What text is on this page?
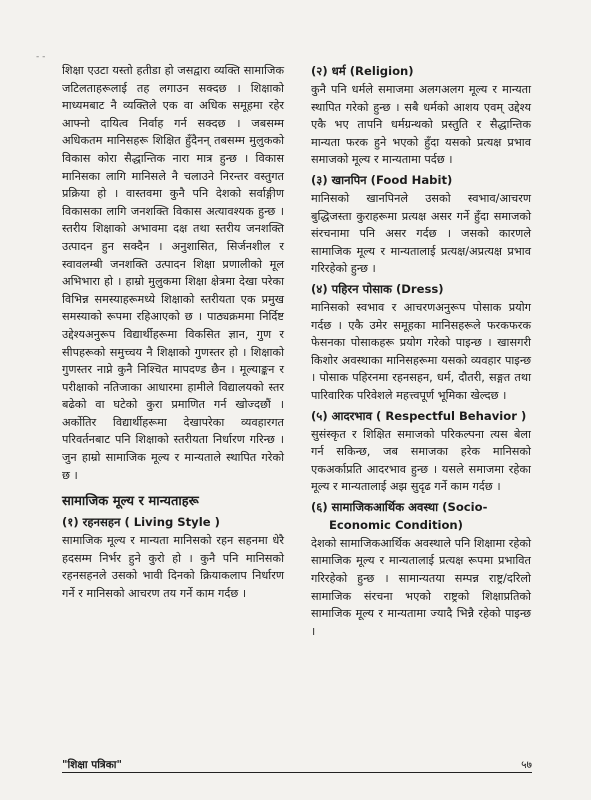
- -

शिक्षा एउटा यस्तो हतीडा हो जसद्वारा व्यक्ति सामाजिक जटिलताहरूलाई तह लगाउन सक्दछ । शिक्षाको माध्यमबाट नै व्यक्तिले एक वा अधिक समूहमा रहेर आफ्नो दायित्व निर्वाह गर्न सक्दछ । जबसम्म अधिकतम मानिसहरू शिक्षित हुँदैनन् तबसम्म मुलुकको विकास कोरा सैद्धान्तिक नारा मात्र हुन्छ । विकास मानिसका लागि मानिसले नै चलाउने निरन्तर वस्तुगत प्रक्रिया हो । वास्तवमा कुनै पनि देशको सर्वाङ्गीण विकासका लागि जनशक्ति विकास अत्यावश्यक हुन्छ । स्तरीय शिक्षाको अभावमा दक्ष तथा स्तरीय जनशक्ति उत्पादन हुन सक्दैन । अनुशासित, सिर्जनशील र स्वावलम्बी जनशक्ति उत्पादन शिक्षा प्रणालीको मूल अभिभारा हो । हाम्रो मुलुकमा शिक्षा क्षेत्रमा देखा परेका विभिन्न समस्याहरूमध्ये शिक्षाको स्तरीयता एक प्रमुख समस्याको रूपमा रहिआएको छ । पाठ्यक्रममा निर्दिष्ट उद्देश्यअनुरूप विद्यार्थीहरूमा विकसित ज्ञान, गुण र सीपहरूको समुच्चय नै शिक्षाको गुणस्तर हो । शिक्षाको गुणस्तर नाप्ने कुनै निश्चित मापदण्ड छैन । मूल्याङ्कन र परीक्षाको नतिजाका आधारमा हामीले विद्यालयको स्तर बढेको वा घटेको कुरा प्रमाणित गर्न खोज्दछौं । अर्कोतिर विद्यार्थीहरूमा देखापरेका व्यवहारगत परिवर्तनबाट पनि शिक्षाको स्तरीयता निर्धारण गरिन्छ । जुन हाम्रो सामाजिक मूल्य र मान्यताले स्थापित गरेको छ ।

सामाजिक मूल्य र मान्यताहरू
(१) रहनसहन ( Living Style )

सामाजिक मूल्य र मान्यता मानिसको रहन सहनमा धेरै हदसम्म निर्भर हुने कुरो हो । कुनै पनि मानिसको रहनसहनले उसको भावी दिनको क्रियाकलाप निर्धारण गर्ने र मानिसको आचरण तय गर्ने काम गर्दछ ।

(२) धर्म (Religion)

कुनै पनि धर्मले समाजमा अलगअलग मूल्य र मान्यता स्थापित गरेको हुन्छ । सबै धर्मको आशय एवम् उद्देश्य एकै भए तापनि धर्मग्रन्थको प्रस्तुति र सैद्धान्तिक मान्यता फरक हुने भएको हुँदा यसको प्रत्यक्ष प्रभाव समाजको मूल्य र मान्यतामा पर्दछ ।

(३) खानपिन (Food Habit)

मानिसको खानपिनले उसको स्वभाव/आचरण बुद्धिजस्ता कुराहरूमा प्रत्यक्ष असर गर्ने हुँदा समाजको संरचनामा पनि असर गर्दछ । जसको कारणले सामाजिक मूल्य र मान्यतालाई प्रत्यक्ष/अप्रत्यक्ष प्रभाव गरिरहेको हुन्छ ।

(४) पहिरन पोसाक (Dress)

मानिसको स्वभाव र आचरणअनुरूप पोसाक प्रयोग गर्दछ । एकै उमेर समूहका मानिसहरूले फरकफरक फेसनका पोसाकहरू प्रयोग गरेको पाइन्छ । खासगरी किशोर अवस्थाका मानिसहरूमा यसको व्यवहार पाइन्छ । पोसाक पहिरनमा रहनसहन, धर्म, दौतरी, सङ्गत तथा पारिवारिक परिवेशले महत्त्वपूर्ण भूमिका खेल्दछ ।

(५) आदरभाव ( Respectful Behavior )

सुसंस्कृत र शिक्षित समाजको परिकल्पना त्यस बेला गर्न सकिन्छ, जब समाजका हरेक मानिसको एकअर्काप्रति आदरभाव हुन्छ । यसले समाजमा रहेका मूल्य र मान्यतालाई अझ सुदृढ गर्ने काम गर्दछ ।

(६) सामाजिकआर्थिक अवस्था (Socio-
Economic Condition)

देशको सामाजिकआर्थिक अवस्थाले पनि शिक्षामा रहेको सामाजिक मूल्य र मान्यतालाई प्रत्यक्ष रूपमा प्रभावित गरिरहेको हुन्छ । सामान्यतया सम्पन्न राष्ट्र/दरिलो सामाजिक संरचना भएको राष्ट्रको शिक्षाप्रतिको सामाजिक मूल्य र मान्यतामा ज्यादै भिन्नै रहेको पाइन्छ ।

"शिक्षा पत्रिका"	५७
